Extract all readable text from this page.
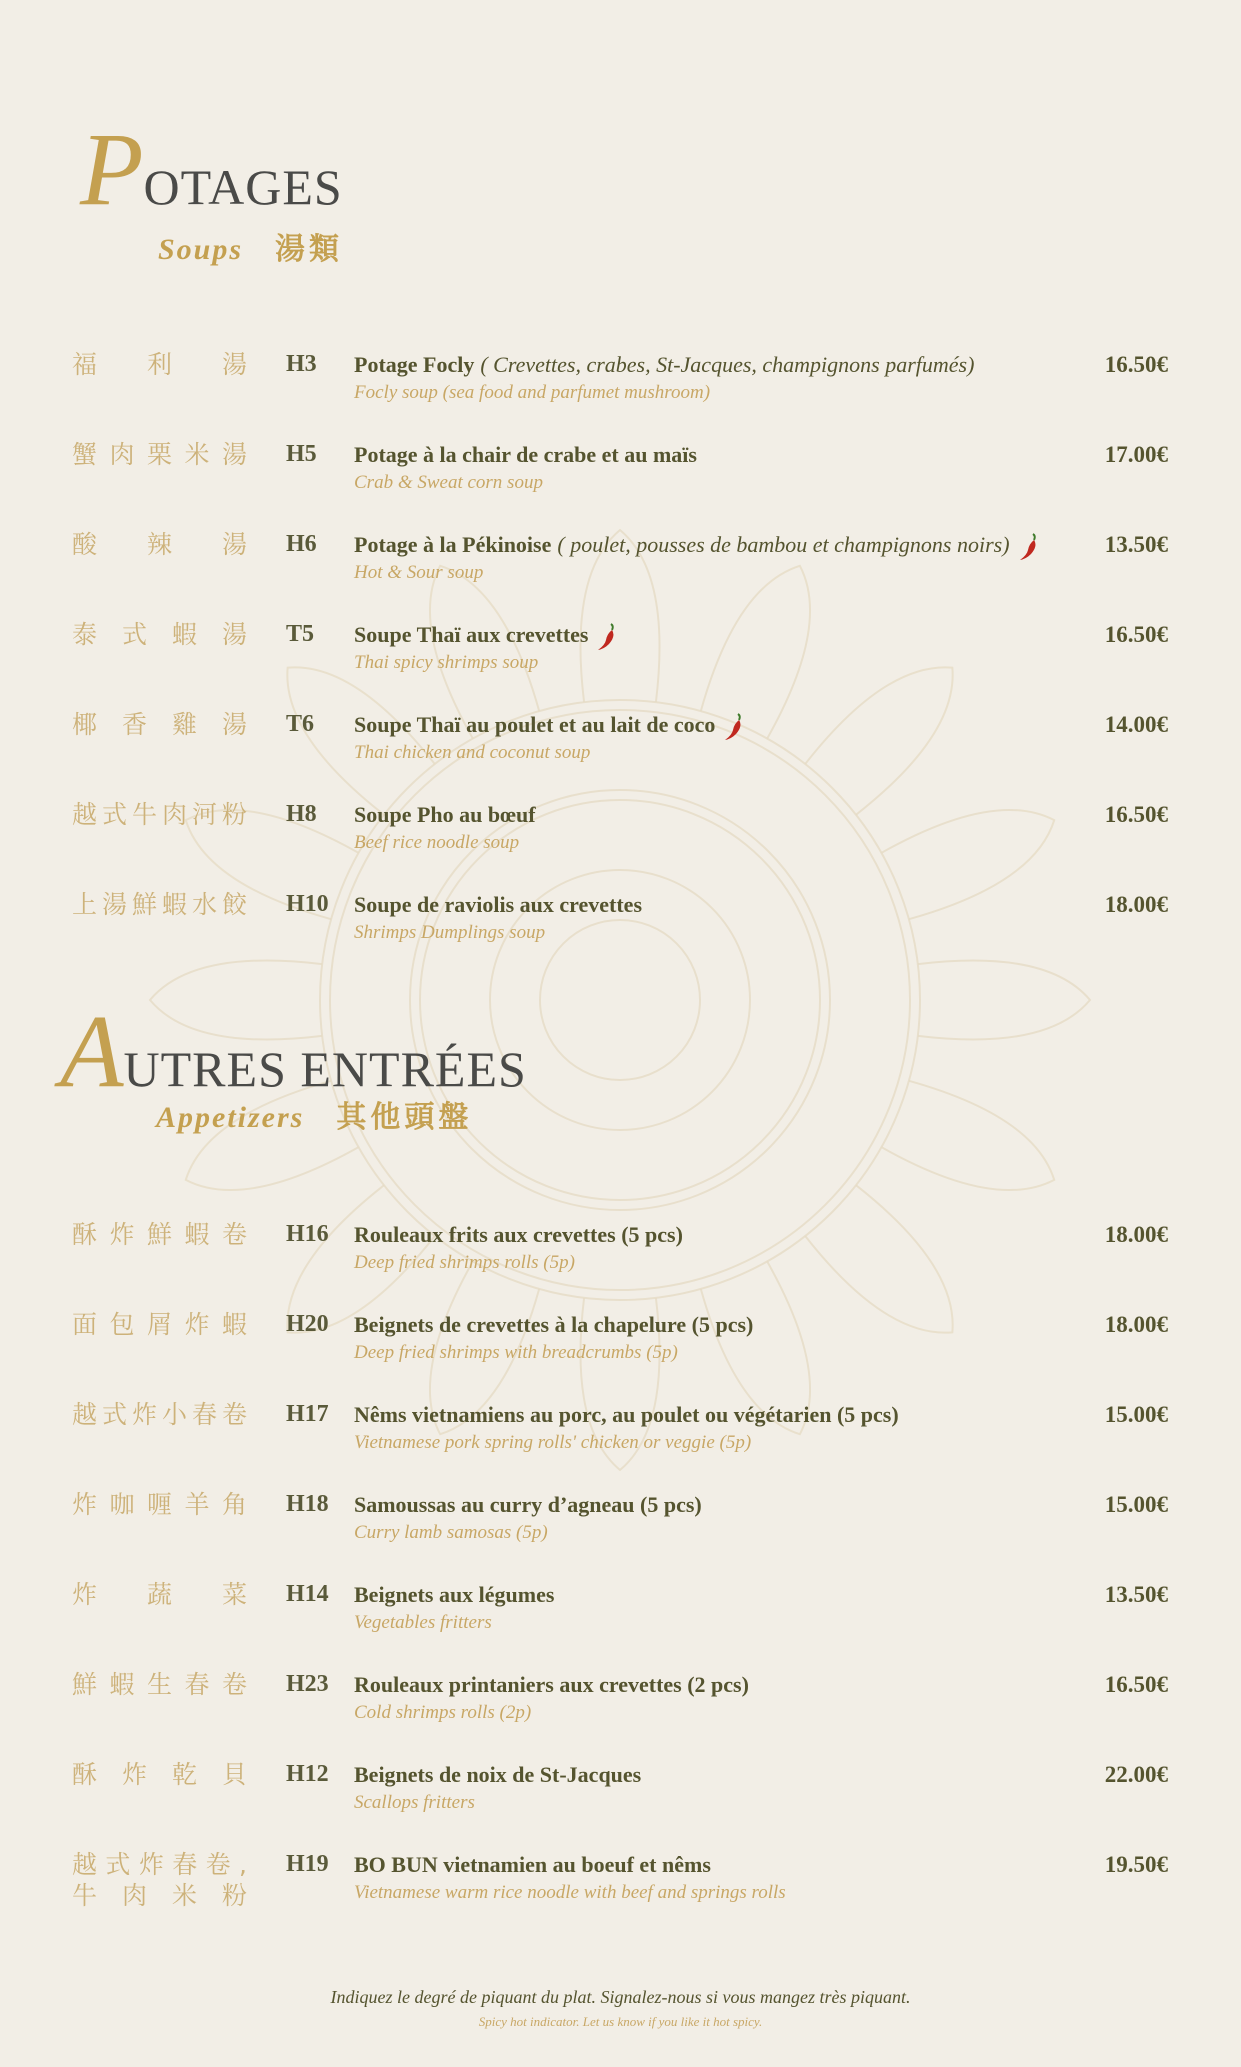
POTAGES
Soups 湯類
福利湯 H3 Potage Focly ( Crevettes, crabes, St-Jacques, champignons parfumés)
Focly soup (sea food and parfumet mushroom)
16.50€
蟹肉栗米湯 H5 Potage à la chair de crabe et au maïs
Crab & Sweat corn soup
17.00€
酸辣湯 H6 Potage à la Pékinoise ( poulet, pousses de bambou et champignons noirs)
Hot & Sour soup
13.50€
泰式蝦湯 T5 Soupe Thaï aux crevettes
Thai spicy shrimps soup
16.50€
椰香雞湯 T6 Soupe Thaï au poulet et au lait de coco
Thai chicken and coconut soup
14.00€
越式牛肉河粉 H8 Soupe Pho au bœuf
Beef rice noodle soup
16.50€
上湯鮮蝦水餃 H10 Soupe de raviolis aux crevettes
Shrimps Dumplings soup
18.00€
AUTRES ENTRÉES
Appetizers 其他頭盤
酥炸鮮蝦卷 H16 Rouleaux frits aux crevettes (5 pcs)
Deep fried shrimps rolls (5p)
18.00€
面包屑炸蝦 H20 Beignets de crevettes à la chapelure (5 pcs)
Deep fried shrimps with breadcrumbs (5p)
18.00€
越式炸小春卷 H17 Nêms vietnamiens au porc, au poulet ou végétarien (5 pcs)
Vietnamese pork spring rolls' chicken or veggie (5p)
15.00€
炸咖喱羊角 H18 Samoussas au curry d’agneau (5 pcs)
Curry lamb samosas (5p)
15.00€
炸蔬菜 H14 Beignets aux légumes
Vegetables fritters
13.50€
鮮蝦生春卷 H23 Rouleaux printaniers aux crevettes (2 pcs)
Cold shrimps rolls (2p)
16.50€
酥炸乾貝 H12 Beignets de noix de St-Jacques
Scallops fritters
22.00€
越式炸春卷,
牛肉米粉
H19 BO BUN vietnamien au boeuf et nêms
Vietnamese warm rice noodle with beef and springs rolls
19.50€
Indiquez le degré de piquant du plat. Signalez-nous si vous mangez très piquant.
Spicy hot indicator. Let us know if you like it hot spicy.
